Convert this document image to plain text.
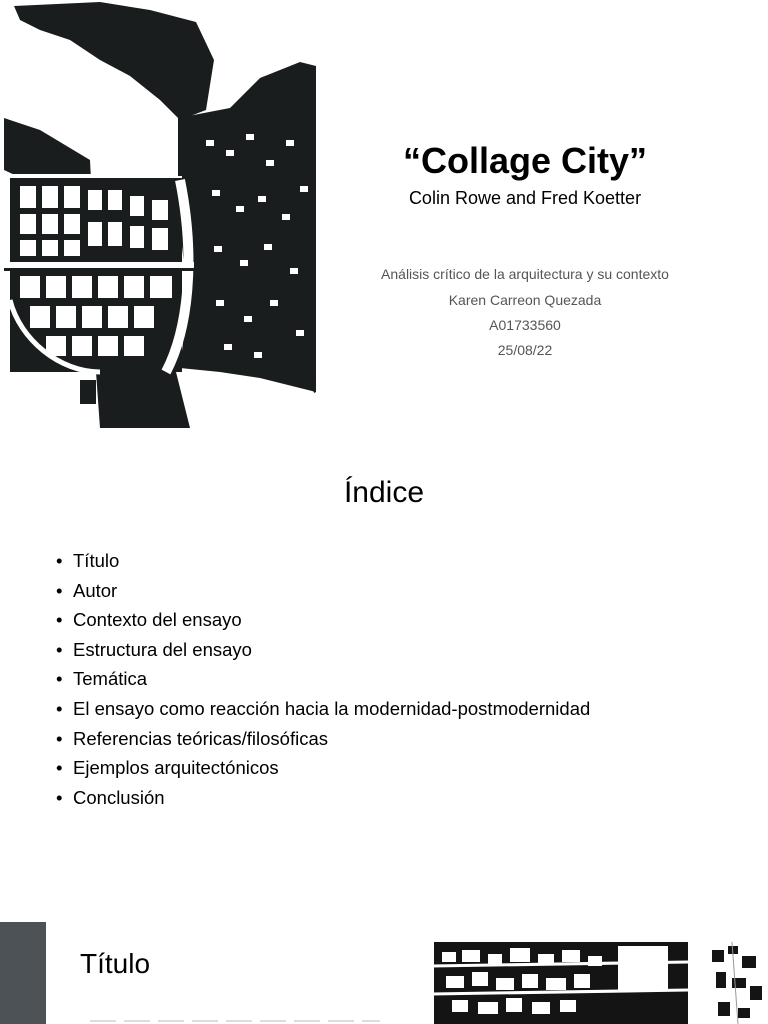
“Collage City”
Colin Rowe and Fred Koetter
Análisis crítico de la arquitectura y su contexto
Karen Carreon Quezada
A01733560
25/08/22
Índice
• Título
• Autor
• Contexto del ensayo
• Estructura del ensayo
• Temática
• El ensayo como reacción hacia la modernidad-postmodernidad
• Referencias teóricas/filosóficas
• Ejemplos arquitectónicos
• Conclusión
Título
